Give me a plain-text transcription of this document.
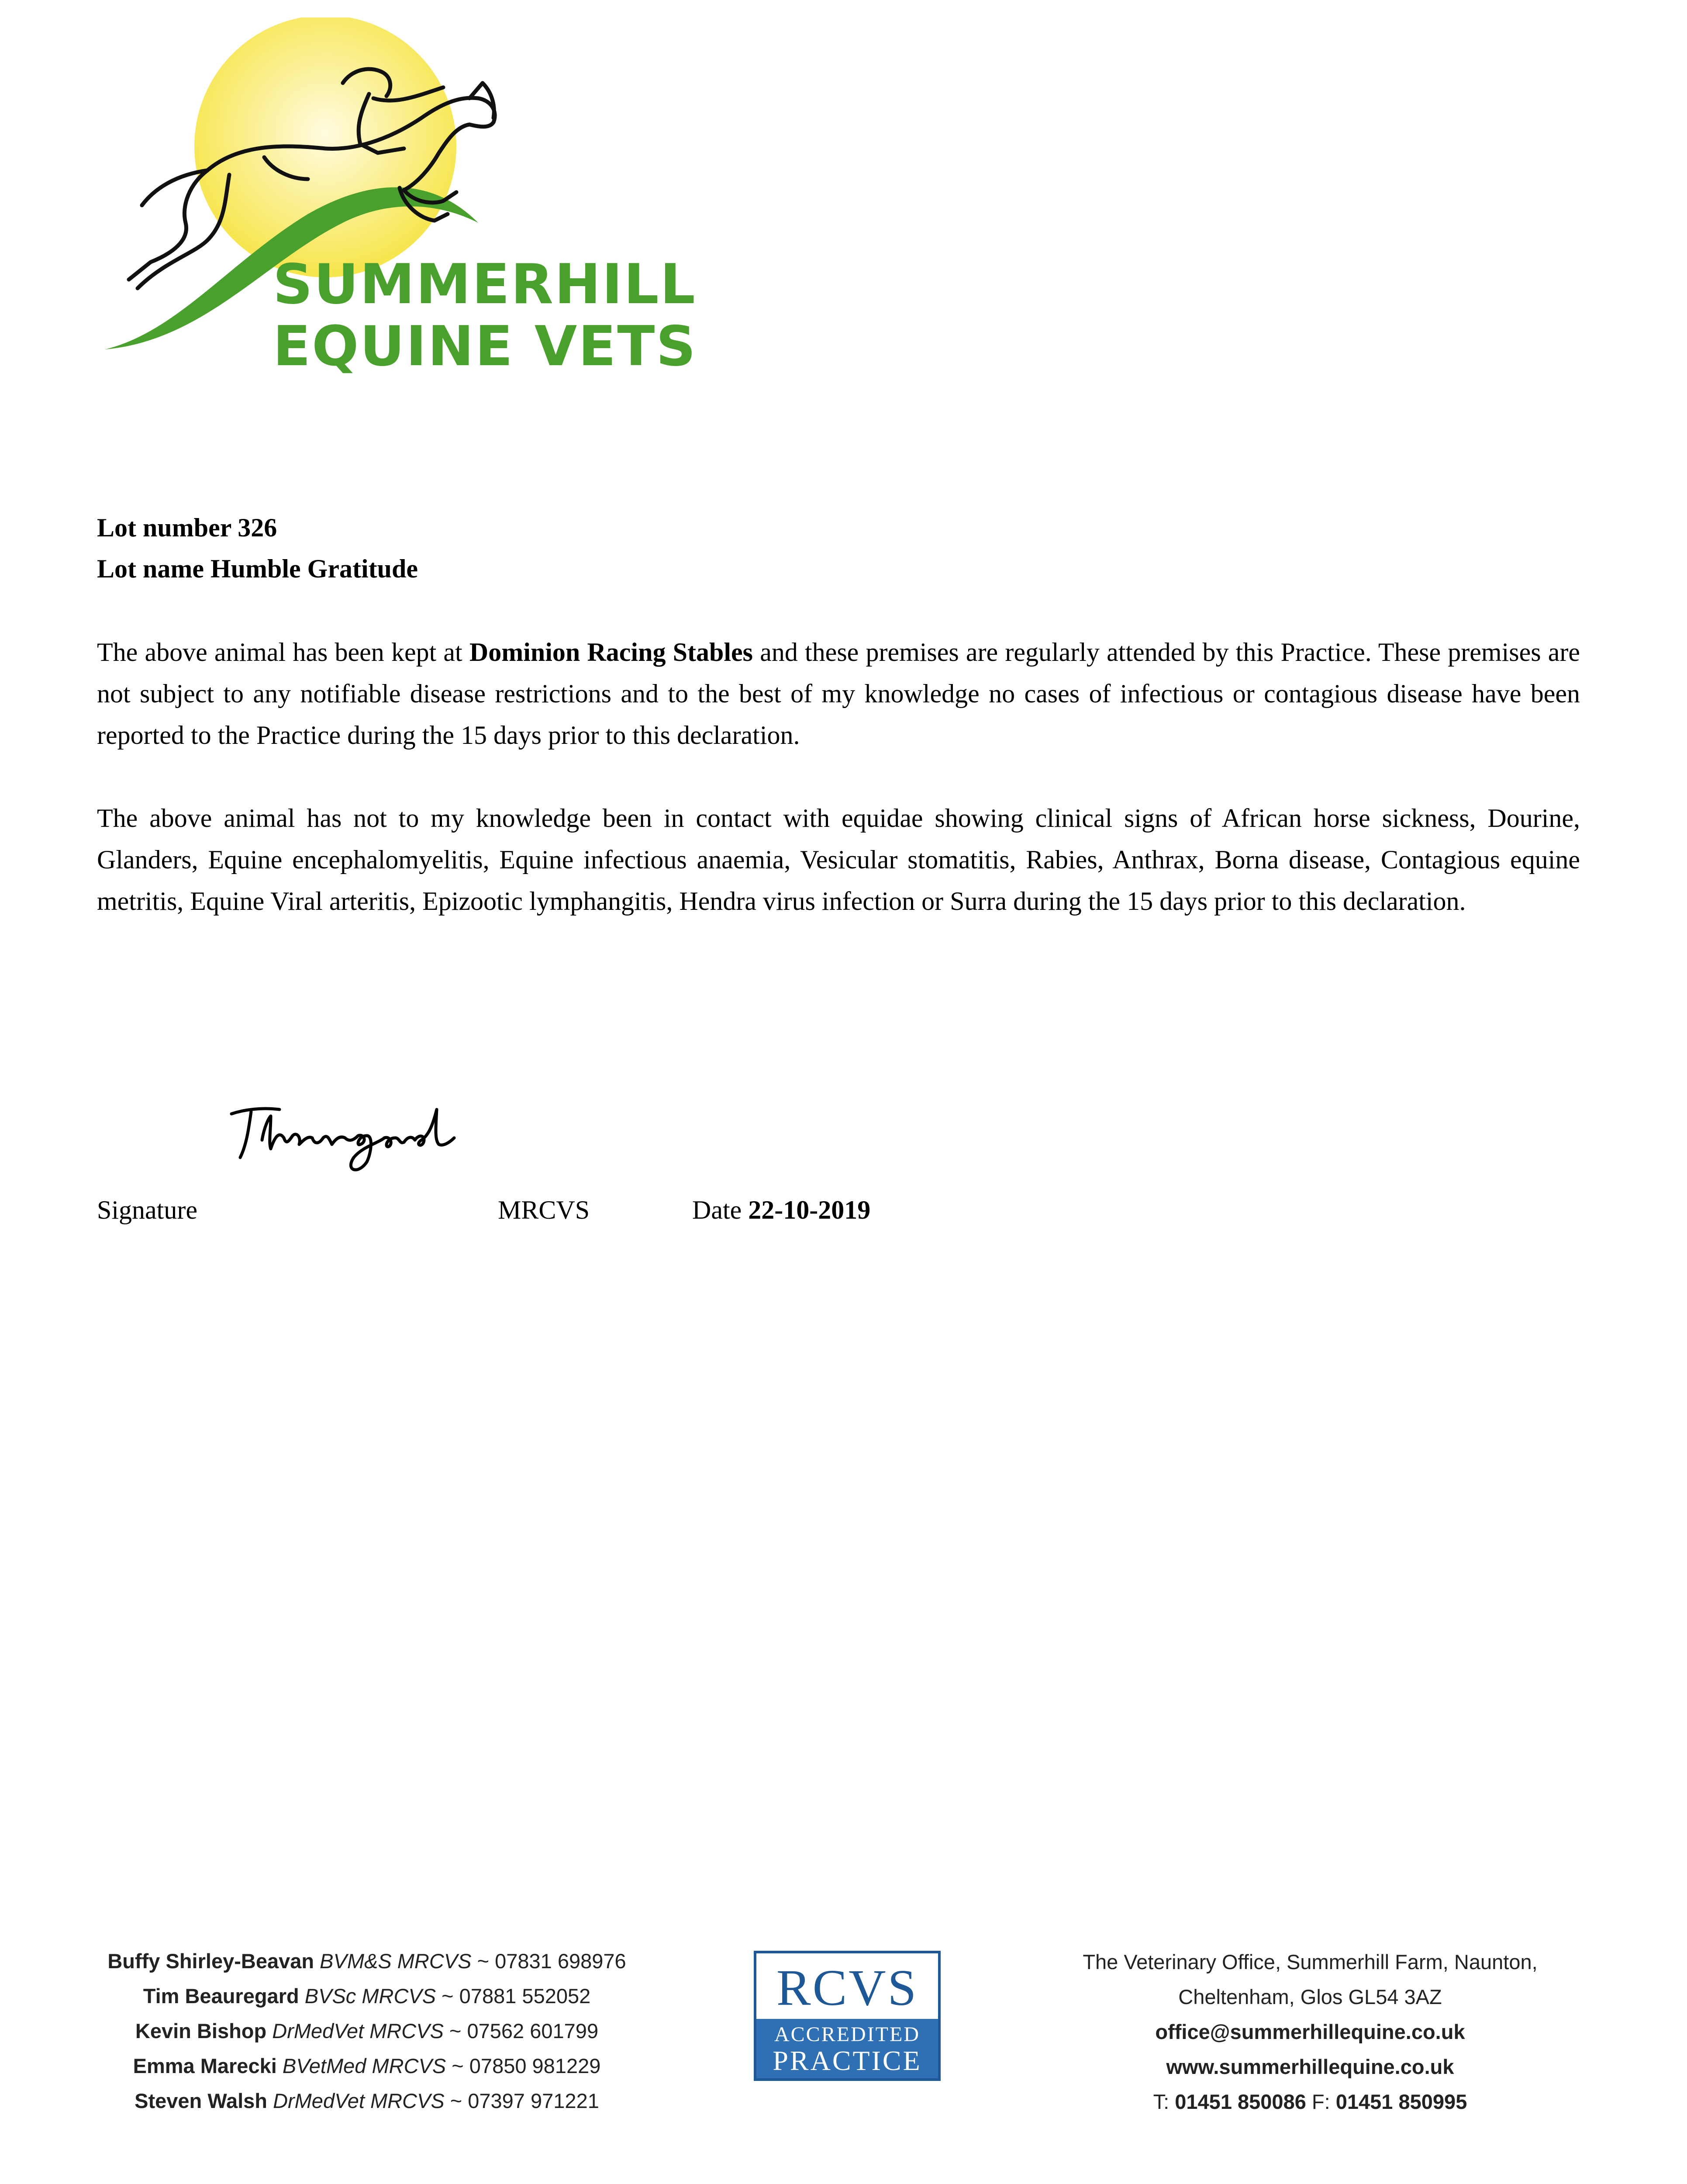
SUMMERHILL

EQUINE VETS

Lot number 326

Lot name Humble Gratitude

The above animal has been kept at Dominion Racing Stables and these premises are regularly attended by this Practice. These premises are not subject to any notifiable disease restrictions and to the best of my knowledge no cases of infectious or contagious disease have been reported to the Practice during the 15 days prior to this declaration.

The above animal has not to my knowledge been in contact with equidae showing clinical signs of African horse sickness, Dourine, Glanders, Equine encephalomyelitis, Equine infectious anaemia, Vesicular stomatitis, Rabies, Anthrax, Borna disease, Contagious equine metritis, Equine Viral arteritis, Epizootic lymphangitis, Hendra virus infection or Surra during the 15 days prior to this declaration.

Signature	MRCVS	Date 22-10-2019

Buffy Shirley-Beavan BVM&S MRCVS ~ 07831 698976
Tim Beauregard BVSc MRCVS ~ 07881 552052
Kevin Bishop DrMedVet MRCVS ~ 07562 601799
Emma Marecki BVetMed MRCVS ~ 07850 981229
Steven Walsh DrMedVet MRCVS ~ 07397 971221

RCVS

ACCREDITED

PRACTICE

The Veterinary Office, Summerhill Farm, Naunton,
Cheltenham, Glos GL54 3AZ
office@summerhillequine.co.uk
www.summerhillequine.co.uk
T: 01451 850086 F: 01451 850995
